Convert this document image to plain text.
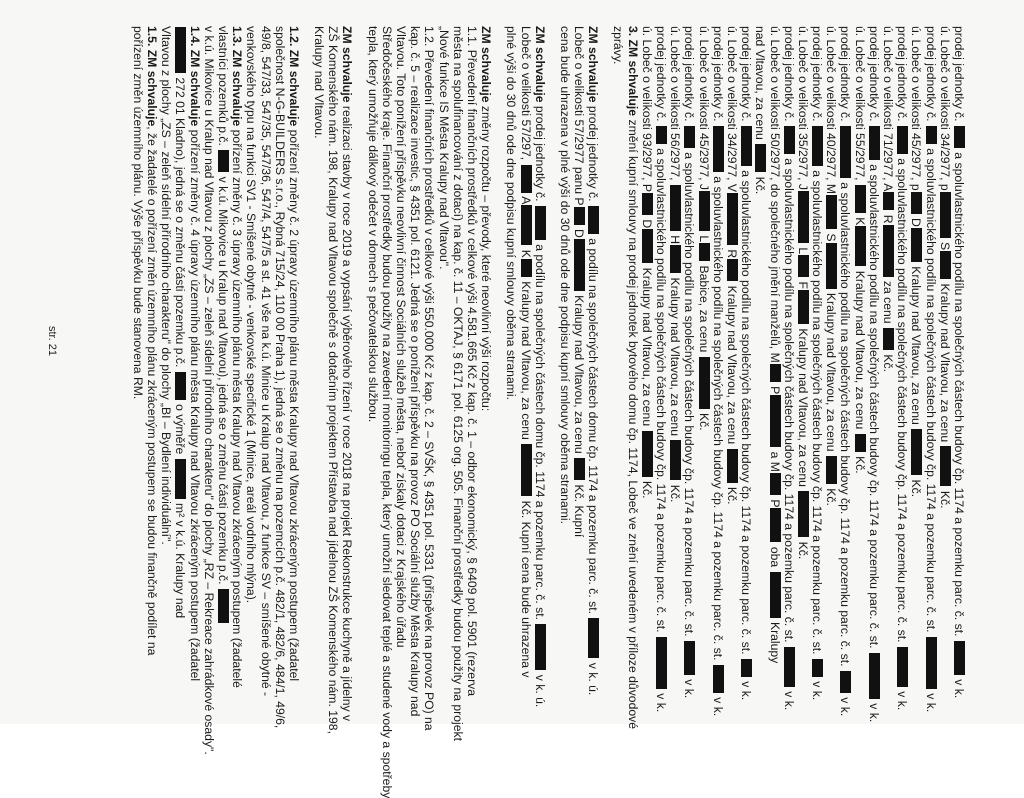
prodej jednotky č.  a spoluvlastnického podílu na společných částech budovy čp. 1174 a pozemku parc. č. st.  v k.
ú. Lobeč o velikosti 34/2977, p S Kralupy nad Vltavou, za cenu  Kč.
prodej jednotky č.  a spoluvlastnického podílu na společných částech budovy čp. 1174 a pozemku parc. č. st.  v k.
ú. Lobeč o velikosti 45/2977, p D Kralupy nad Vltavou, za cenu  Kč.
prodej jednotky č.  a spoluvlastnického podílu na společných částech budovy čp. 1174 a pozemku parc. č. st.  v k.
ú. Lobeč o velikosti 71/2977, A R za cenu  Kč.
prodej jednotky č.  a spoluvlastnického podílu na společných částech budovy čp. 1174 a pozemku parc. č. st.  v k.
ú. Lobeč o velikosti 55/2977,  K Kralupy nad Vltavou, za cenu  Kč.
prodej jednotky č.  a spoluvlastnického podílu na společných částech budovy čp. 1174 a pozemku parc. č. st.  v k.
ú. Lobeč o velikosti 40/2977, M S Kralupy nad Vltavou, za cenu  Kč.
prodej jednotky č.  a spoluvlastnického podílu na společných částech budovy čp. 1174 a pozemku parc. č. st.  v k.
ú. Lobeč o velikosti 35/2977, J L F Kralupy nad Vltavou, za cenu  Kč.
prodej jednotky č.  a spoluvlastnického podílu na společných částech budovy čp. 1174 a pozemku parc. č. st.  v k.
ú. Lobeč o velikosti 50/2977, do společného jmění manželů, M P a M P oba  Kralupy
nad Vltavou, za cenu  Kč.
prodej jednotky č.  a spoluvlastnického podílu na společných částech budovy čp. 1174 a pozemku parc. č. st.  v k.
ú. Lobeč o velikosti 34/2977, V R Kralupy nad Vltavou, za cenu  Kč.
prodej jednotky č.  a spoluvlastnického podílu na společných částech budovy čp. 1174 a pozemku parc. č. st.  v k.
ú. Lobeč o velikosti 45/2977, J L Babice, za cenu  Kč.
prodej jednotky č.  a spoluvlastnického podílu na společných částech budovy čp. 1174 a pozemku parc. č. st.  v k.
ú. Lobeč o velikosti 56/2977,  H Kralupy nad Vltavou, za cenu  Kč.
prodej jednotky č.  a spoluvlastnického podílu na společných částech budovy čp. 1174 a pozemku parc. č. st.  v k.
ú. Lobeč o velikosti 93/2977, P D Kralupy nad Vltavou, za cenu  Kč.
3. ZM schvaluje změní kupní smlouvy na prodej jednotek bytového domu čp. 1174, Lobeč ve znění uvedeném v příloze důvodové
zprávy.
ZM schvaluje prodej jednotky č.  a podílu na společných částech domu čp. 1174 a pozemku parc. č. st.  v k. ú.
Lobeč o velikosti 57/2977 panu P D Kralupy nad Vltavou, za cenu  Kč. Kupní
cena bude uhrazena v plné výši do 30 dnů ode dne podpisu kupní smlouvy oběma stranami.
ZM schvaluje prodej jednotky č.  a podílu na společných částech domu čp. 1174 a pozemku parc. č. st.  v k. ú.
Lobeč o velikosti 57/297,  A K Kralupy nad Vltavou, za cenu  Kč. Kupní cena bude uhrazena v
plné výši do 30 dnů ode dne podpisu kupní smlouvy oběma stranami.
ZM schvaluje změny rozpočtu – převody, které neovlivní výši rozpočtu:
1.1. Převedení finančních prostředků v celkové výši 4.581.665 Kč z kap. č. 1 – odbor ekonomický, § 6409 pol. 5901 (rezerva
města na spolufinancování z dotací) na kap. č. 11 – OKTAJ, § 6171 pol. 6125 org. 505. Finanční prostředky budou použity na projekt
„Nové funkce IS Města Kralupy nad Vltavou".
1.2. Převedení finančních prostředků v celkové výši 550.000 Kč z kap. č. 2 – SVŠK, § 4351 pol. 5331 (příspěvek na provoz PO) na
kap. č. 5 – realizace investic, § 4351 pol. 6121. Jedná se o ponížení příspěvku na provoz PO Sociální služby Města Kralupy nad
Vltavou. Toto ponížení příspěvku neovlivní činnost Sociálních služeb města, neboť získaly dotaci z Krajského úřadu
Středočeského kraje. Finanční prostředky budou použity na zavedení monitoringu tepla, který umožní sledovat teplé a studené vody a spotřeby
tepla, který umožňuje dálkový odečet v domech s pečovatelskou službou.
ZM schvaluje realizaci stavby v roce 2019 a vypsání výběrového řízení v roce 2018 na projekt Rekonstrukce kuchyně a jídelny v
ZŠ Komenského nám. 198, Kralupy nad Vltavou společně s dotačním projektem Přístavba nad jídelnou ZŠ Komenského nám. 198,
Kralupy nad Vltavou.
1.2. ZM schvaluje pořízení změny č. 2 úpravy územního plánu města Kralupy nad Vltavou zkráceným postupem (žadatel
společnost N-G-BUILDERS s.r.o., Rybná 715/24, 110 00 Praha 1), jedná se o změnu na pozemcích p.č. 482/1, 482/6, 484/1, 49/6,
49/8, 547/33, 547/35, 547/36, 547/4, 547/5 a st. 41 vše na k.ú. Minice u Kralup nad Vltavou, z funkce SV – smíšené obytné -
venkovského typu na funkci SV1 - Smíšené obytné - venkovské specifické 1 (Minice, areál vodního mlýna).
1.3. ZM schvaluje pořízení změny č. 3 úpravy územního plánu města Kralupy nad Vltavou zkráceným postupem (žadatelé
vlastníci pozemků p.č.  v k.ú. Mikovice u Kralup nad Vltavou), jedná se o změnu části pozemku p.č.
v k.ú. Mikovice u Kralup nad Vltavou z plochy „ZS – zeleň sídelní přírodního charakteru" do plochy „RZ – Rekreace zahrádkové osady".
1.4. ZM schvaluje pořízení změny č. 4 úpravy územního plánu města Kralupy nad Vltavou zkráceným postupem (žadatel
272 01 Kladno), jedná se o změnu části pozemku p.č.  o výměře  m² v k.ú. Kralupy nad
Vltavou z plochy „ZS – zeleň sídelní přírodního charakteru" do plochy „BI – Bydlení individuální".
1.5. ZM schvaluje, že žadatelé o pořízení změn územního plánu zkráceným postupem se budou finančně podílet na
pořízení změn územního plánu. Výše příspěvku bude stanovena RM.
str. 21
